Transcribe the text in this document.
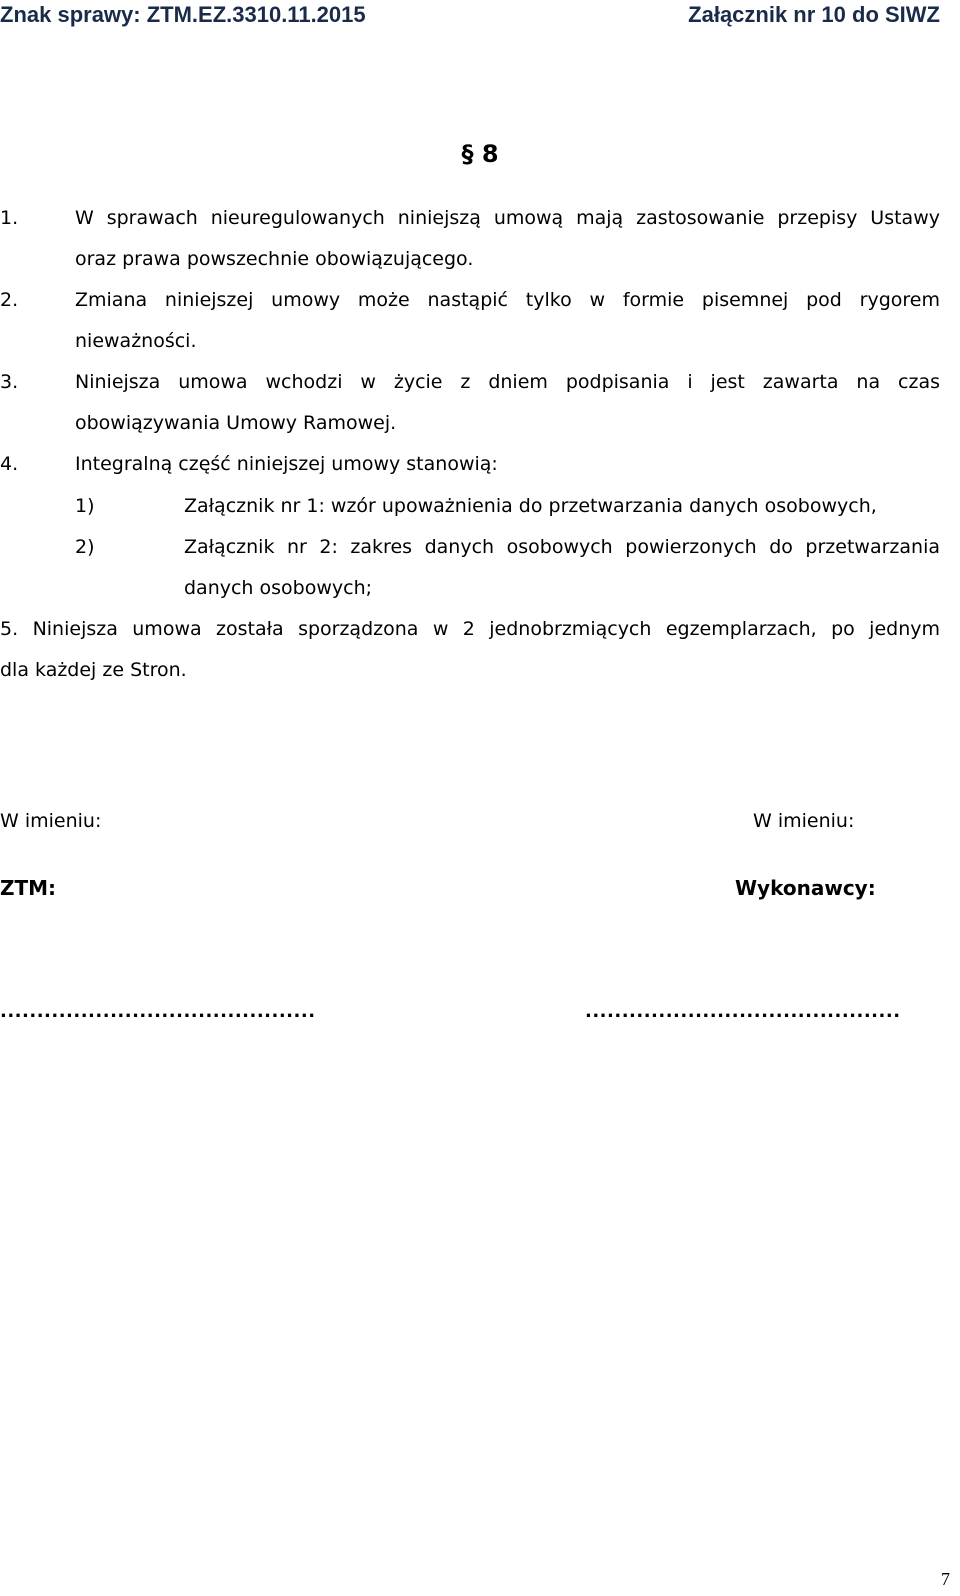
Znak sprawy: ZTM.EZ.3310.11.2015	Załącznik nr 10 do SIWZ
§ 8
1.	W sprawach nieuregulowanych niniejszą umową mają zastosowanie przepisy Ustawy
oraz prawa powszechnie obowiązującego.
2.	Zmiana niniejszej umowy może nastąpić tylko w formie pisemnej pod rygorem
nieważności.
3.	Niniejsza umowa wchodzi w życie z dniem podpisania i jest zawarta na czas
obowiązywania Umowy Ramowej.
4.	Integralną część niniejszej umowy stanowią:
1)	Załącznik nr 1: wzór upoważnienia do przetwarzania danych osobowych,
2)	Załącznik nr 2: zakres danych osobowych powierzonych do przetwarzania
danych osobowych;
5. Niniejsza umowa została sporządzona w 2 jednobrzmiących egzemplarzach, po jednym
dla każdej ze Stron.
W imieniu:	W imieniu:
ZTM:	Wykonawcy:
...........................................	...........................................
7
